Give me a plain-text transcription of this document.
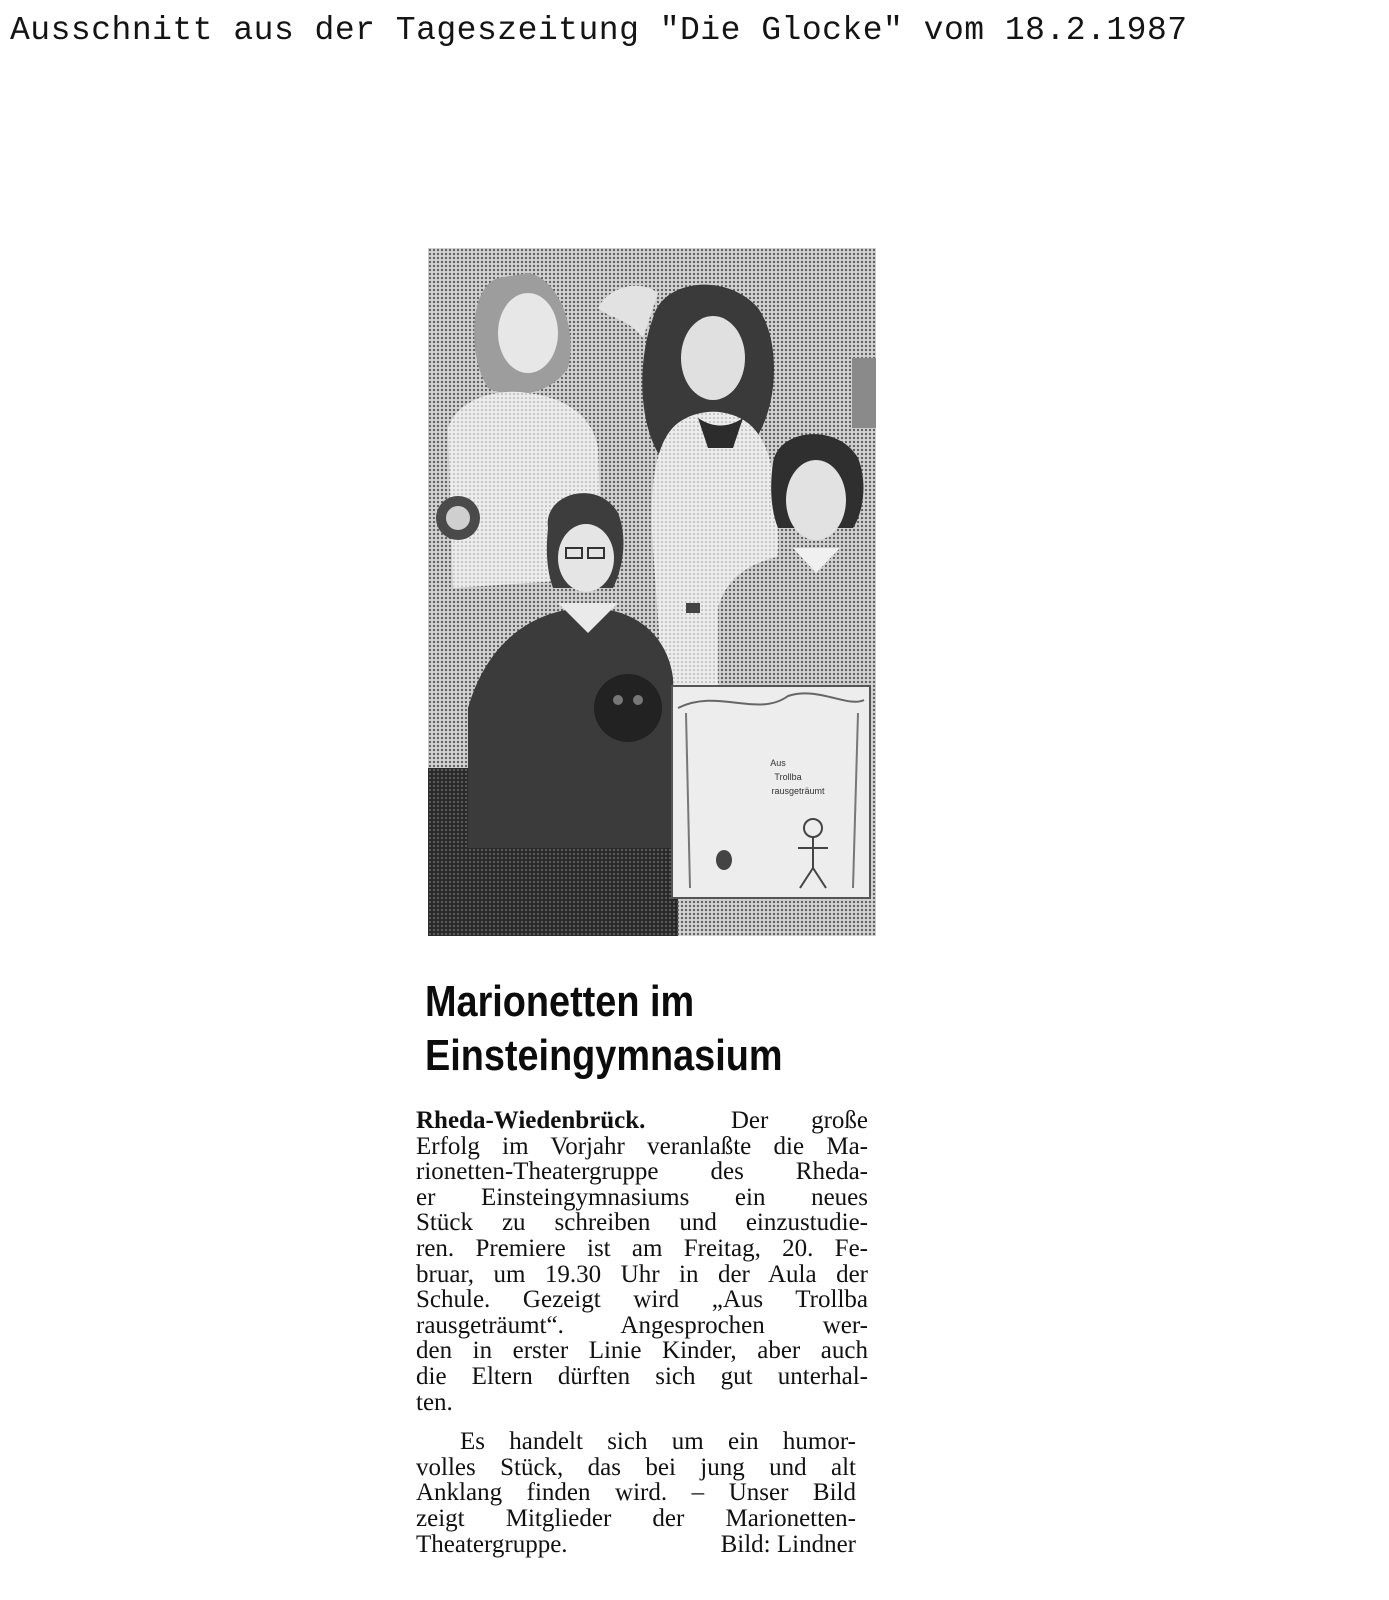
Ausschnitt aus der Tageszeitung "Die Glocke" vom 18.2.1987
Aus
Trollba
rausgeträumt
Marionetten im
Einsteingymnasium
Rheda-Wiedenbrück.	Der große
Erfolg im Vorjahr veranlaßte die Ma-
rionetten-Theatergruppe des Rheda-
er Einsteingymnasiums ein neues
Stück zu schreiben und einzustudie-
ren. Premiere ist am Freitag, 20. Fe-
bruar, um 19.30 Uhr in der Aula der
Schule. Gezeigt wird „Aus Trollba
rausgeträumt“. Angesprochen wer-
den in erster Linie Kinder, aber auch
die Eltern dürften sich gut unterhal-
ten.
Es handelt sich um ein humor-
volles Stück, das bei jung und alt
Anklang finden wird. – Unser Bild
zeigt Mitglieder der Marionetten-
Theatergruppe.	Bild: Lindner
